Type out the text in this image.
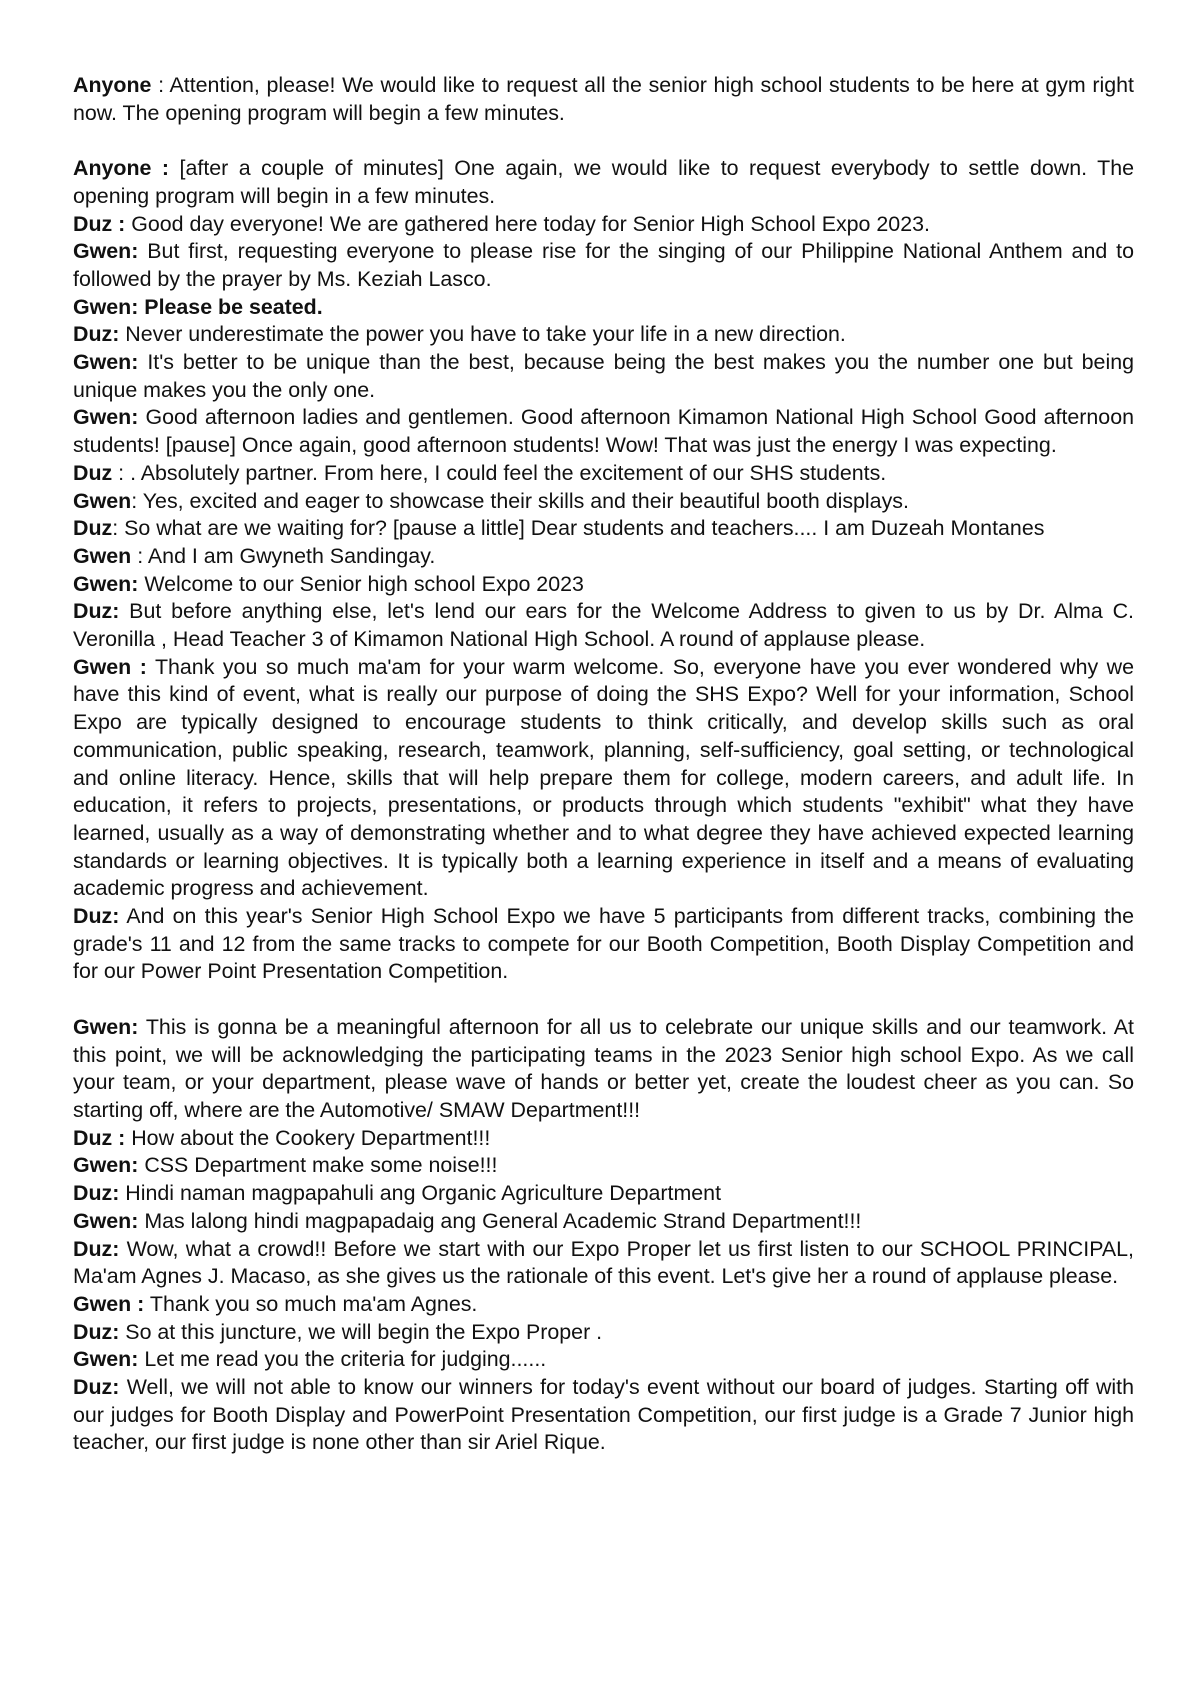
Anyone : Attention, please! We would like to request all the senior high school students to be here at gym right now. The opening program will begin a few minutes.

Anyone : [after a couple of minutes] One again, we would like to request everybody to settle down. The opening program will begin in a few minutes.

Duz : Good day everyone! We are gathered here today for Senior High School Expo 2023.

Gwen: But first, requesting everyone to please rise for the singing of our Philippine National Anthem and to followed by the prayer by Ms. Keziah Lasco.

Gwen: Please be seated.

Duz: Never underestimate the power you have to take your life in a new direction.

Gwen: It's better to be unique than the best, because being the best makes you the number one but being unique makes you the only one.

Gwen: Good afternoon ladies and gentlemen. Good afternoon Kimamon National High School Good afternoon students! [pause] Once again, good afternoon students! Wow! That was just the energy I was expecting.

Duz : . Absolutely partner. From here, I could feel the excitement of our SHS students.

Gwen: Yes, excited and eager to showcase their skills and their beautiful booth displays.

Duz: So what are we waiting for? [pause a little] Dear students and teachers.... I am Duzeah Montanes

Gwen : And I am Gwyneth Sandingay.

Gwen: Welcome to our Senior high school Expo 2023

Duz: But before anything else, let's lend our ears for the Welcome Address to given to us by Dr. Alma C. Veronilla , Head Teacher 3 of Kimamon National High School. A round of applause please.

Gwen : Thank you so much ma'am for your warm welcome. So, everyone have you ever wondered why we have this kind of event, what is really our purpose of doing the SHS Expo? Well for your information, School Expo are typically designed to encourage students to think critically, and develop skills such as oral communication, public speaking, research, teamwork, planning, self-sufficiency, goal setting, or technological and online literacy. Hence, skills that will help prepare them for college, modern careers, and adult life. In education, it refers to projects, presentations, or products through which students "exhibit" what they have learned, usually as a way of demonstrating whether and to what degree they have achieved expected learning standards or learning objectives. It is typically both a learning experience in itself and a means of evaluating academic progress and achievement.

Duz: And on this year's Senior High School Expo we have 5 participants from different tracks, combining the grade's 11 and 12 from the same tracks to compete for our Booth Competition, Booth Display Competition and for our Power Point Presentation Competition.

Gwen: This is gonna be a meaningful afternoon for all us to celebrate our unique skills and our teamwork. At this point, we will be acknowledging the participating teams in the 2023 Senior high school Expo. As we call your team, or your department, please wave of hands or better yet, create the loudest cheer as you can. So starting off, where are the Automotive/ SMAW Department!!!

Duz : How about the Cookery Department!!!

Gwen: CSS Department make some noise!!!

Duz: Hindi naman magpapahuli ang Organic Agriculture Department

Gwen: Mas lalong hindi magpapadaig ang General Academic Strand Department!!!

Duz: Wow, what a crowd!! Before we start with our Expo Proper let us first listen to our SCHOOL PRINCIPAL, Ma'am Agnes J. Macaso, as she gives us the rationale of this event. Let's give her a round of applause please.

Gwen : Thank you so much ma'am Agnes.

Duz: So at this juncture, we will begin the Expo Proper .

Gwen: Let me read you the criteria for judging......

Duz: Well, we will not able to know our winners for today's event without our board of judges. Starting off with our judges for Booth Display and PowerPoint Presentation Competition, our first judge is a Grade 7 Junior high teacher, our first judge is none other than sir Ariel Rique.
